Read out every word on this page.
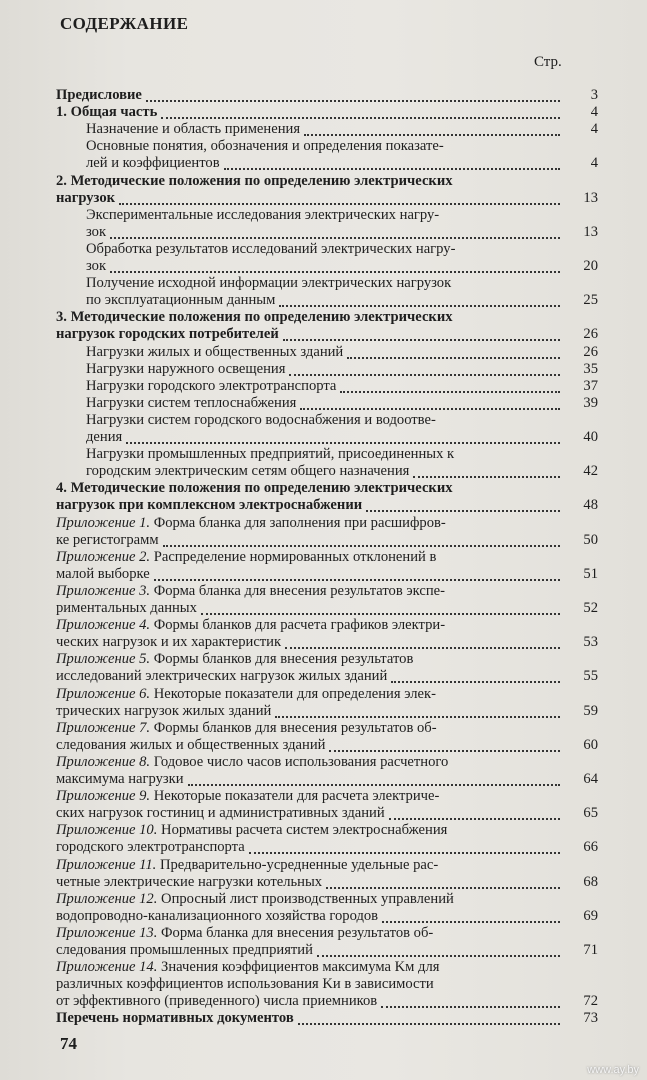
СОДЕРЖАНИЕ
Стр.
Предисловие	3
1. Общая часть	4
Назначение и область применения	4
Основные понятия, обозначения и определения показате-
лей и коэффициентов	4
2. Методические положения по определению электрических
нагрузок	13
Экспериментальные исследования электрических нагру-
зок	13
Обработка результатов исследований электрических нагру-
зок	20
Получение исходной информации электрических нагрузок
по эксплуатационным данным	25
3. Методические положения по определению электрических
нагрузок городских потребителей	26
Нагрузки жилых и общественных зданий	26
Нагрузки наружного освещения	35
Нагрузки городского электротранспорта	37
Нагрузки систем теплоснабжения	39
Нагрузки систем городского водоснабжения и водоотве-
дения	40
Нагрузки промышленных предприятий, присоединенных к
городским электрическим сетям общего назначения	42
4. Методические положения по определению электрических
нагрузок при комплексном электроснабжении	48
Приложение 1. Форма бланка для заполнения при расшифров-
ке регистограмм	50
Приложение 2. Распределение нормированных отклонений в
малой выборке	51
Приложение 3. Форма бланка для внесения результатов экспе-
риментальных данных	52
Приложение 4. Формы бланков для расчета графиков электри-
ческих нагрузок и их характеристик	53
Приложение 5. Формы бланков для внесения результатов
исследований электрических нагрузок жилых зданий	55
Приложение 6. Некоторые показатели для определения элек-
трических нагрузок жилых зданий	59
Приложение 7. Формы бланков для внесения результатов об-
следования жилых и общественных зданий	60
Приложение 8. Годовое число часов использования расчетного
максимума нагрузки	64
Приложение 9. Некоторые показатели для расчета электриче-
ских нагрузок гостиниц и административных зданий	65
Приложение 10. Нормативы расчета систем электроснабжения
городского электротранспорта	66
Приложение 11. Предварительно-усредненные удельные рас-
четные электрические нагрузки котельных	68
Приложение 12. Опросный лист производственных управлений
водопроводно-канализационного хозяйства городов	69
Приложение 13. Форма бланка для внесения результатов об-
следования промышленных предприятий	71
Приложение 14. Значения коэффициентов максимума Kм для
различных коэффициентов использования Kи в зависимости
от эффективного (приведенного) числа приемников	72
Перечень нормативных документов	73
74
www.ay.by
